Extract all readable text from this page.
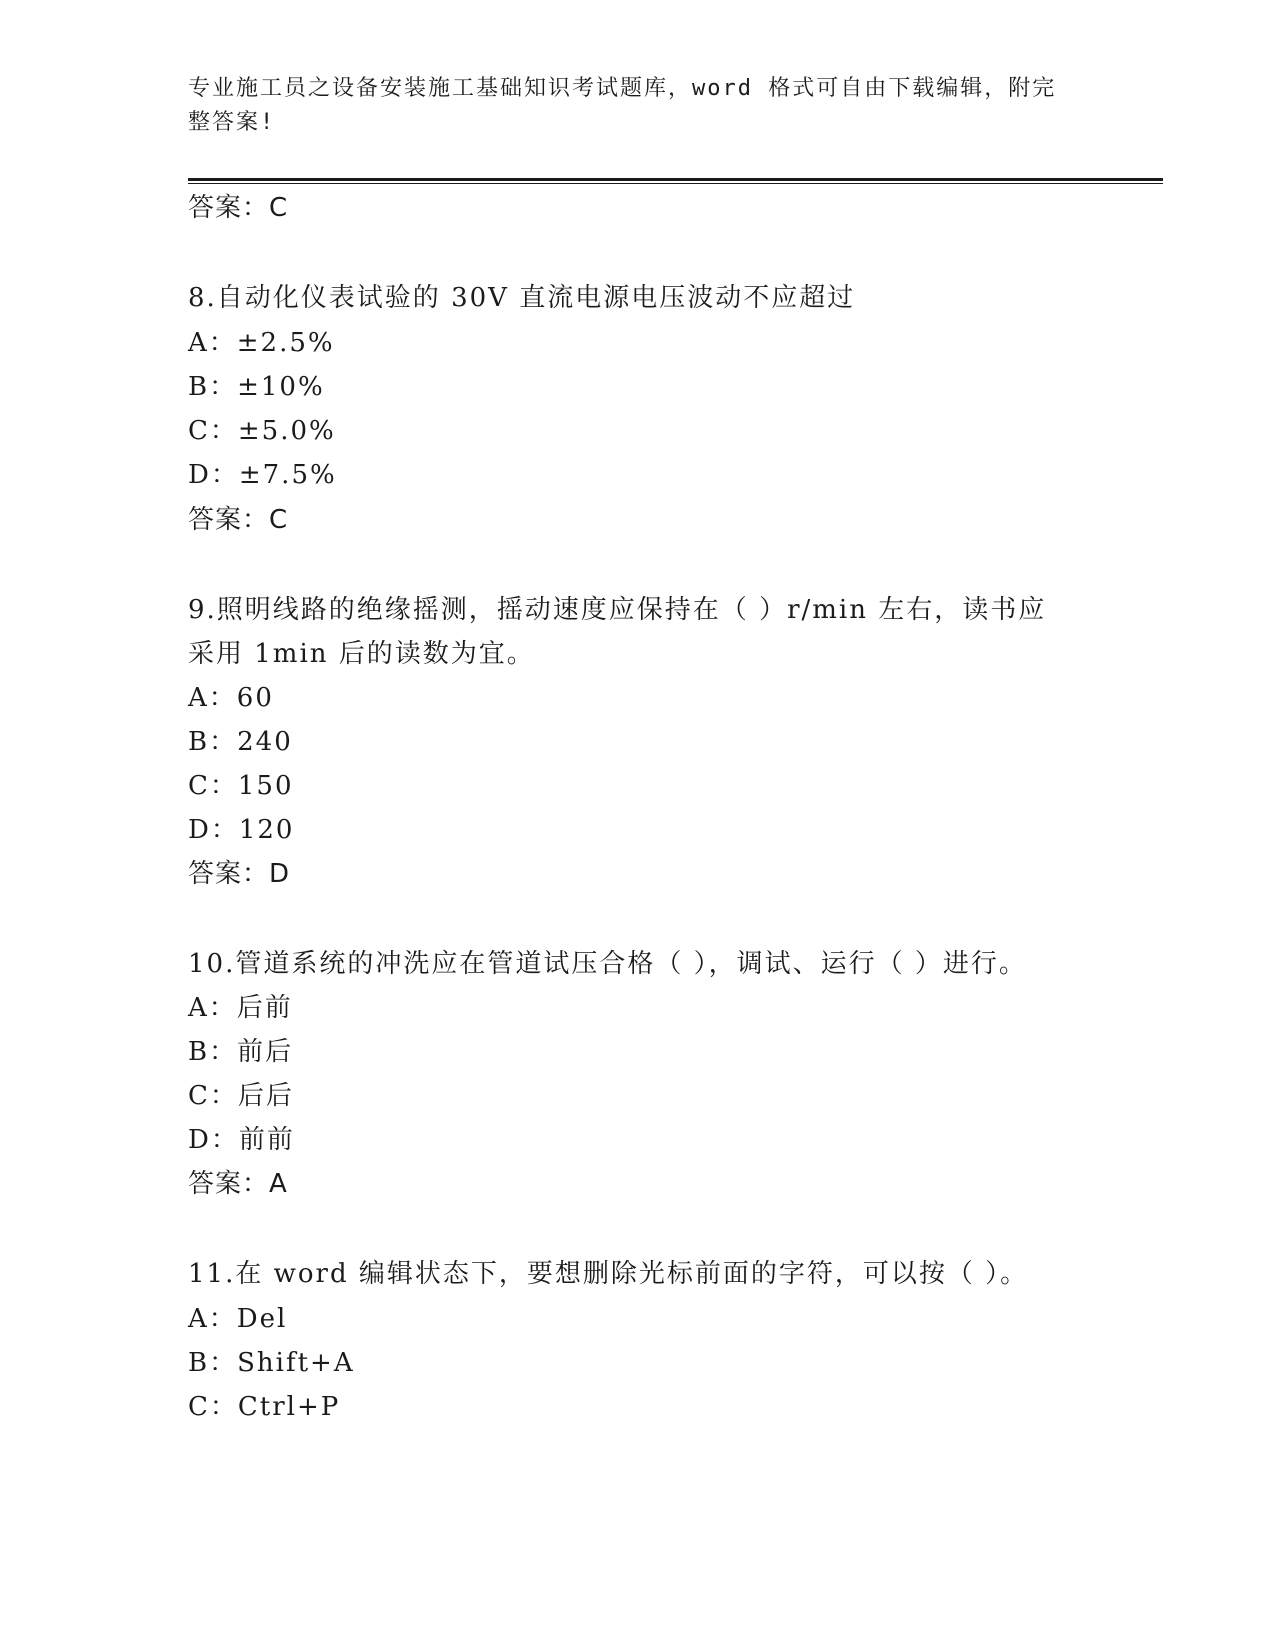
专业施工员之设备安装施工基础知识考试题库，word 格式可自由下载编辑，附完
整答案!
答案：C
8.自动化仪表试验的 30V 直流电源电压波动不应超过
A：±2.5%
B：±10%
C：±5.0%
D：±7.5%
答案：C
9.照明线路的绝缘摇测，摇动速度应保持在（ ）r/min 左右，读书应
采用 1min 后的读数为宜。
A：60
B：240
C：150
D：120
答案：D
10.管道系统的冲洗应在管道试压合格（ ），调试、运行（ ）进行。
A：后前
B：前后
C：后后
D：前前
答案：A
11.在 word 编辑状态下，要想删除光标前面的字符，可以按（ ）。
A：Del
B：Shift+A
C：Ctrl+P
